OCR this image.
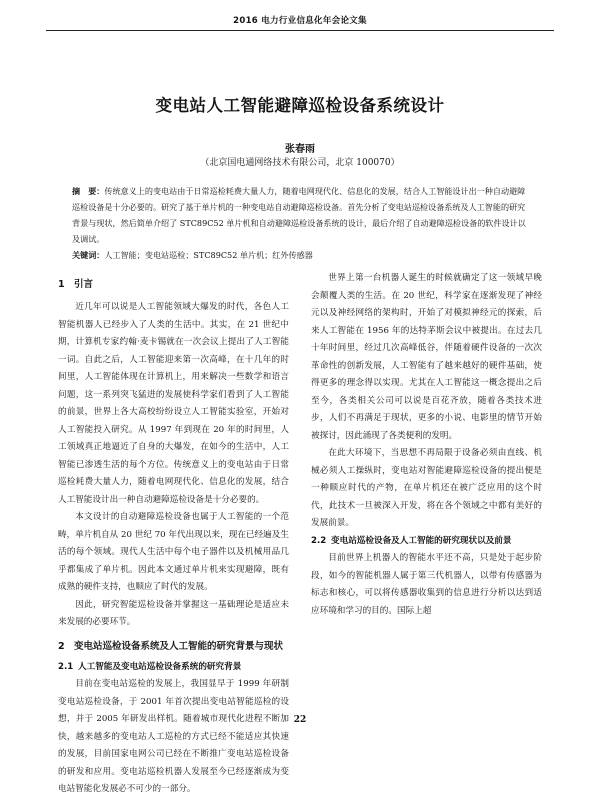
2016 电力行业信息化年会论文集
变电站人工智能避障巡检设备系统设计
张春雨
（北京国电通网络技术有限公司，北京 100070）

摘　要：传统意义上的变电站由于日常巡检耗费大量人力，随着电网现代化、信息化的发展，结合人工智能设计出一种自动避障巡检设备是十分必要的。研究了基于单片机的一种变电站自动避障巡检设备。首先分析了变电站巡检设备系统及人工智能的研究背景与现状，然后简单介绍了 STC89C52 单片机和自动避障巡检设备系统的设计，最后介绍了自动避障巡检设备的软件设计以及调试。

关键词：人工智能；变电站巡检；STC89C52 单片机；红外传感器

1 引言

近几年可以说是人工智能领域大爆发的时代，各色人工智能机器人已经步入了人类的生活中。其实，在 21 世纪中期，计算机专家约翰·麦卡锡就在一次会议上提出了人工智能一词。自此之后，人工智能迎来第一次高峰，在十几年的时间里，人工智能体现在计算机上，用来解决一些数学和语言问题，这一系列突飞猛进的发展使科学家们看到了人工智能的前景，世界上各大高校纷纷设立人工智能实验室，开始对人工智能投入研究。从 1997 年到现在 20 年的时间里，人工领域真正地逼近了自身的大爆发，在如今的生活中，人工智能已渗透生活的每个方位。传统意义上的变电站由于日常巡检耗费大量人力，随着电网现代化、信息化的发展，结合人工智能设计出一种自动避障巡检设备是十分必要的。

本文设计的自动避障巡检设备也属于人工智能的一个范畴，单片机自从 20 世纪 70 年代出现以来，现在已经遍及生活的每个领域。现代人生活中每个电子器件以及机械用品几乎都集成了单片机。因此本文通过单片机来实现避障，既有成熟的硬件支持，也顺应了时代的发展。

因此，研究智能巡检设备并掌握这一基础理论是适应未来发展的必要环节。

2 变电站巡检设备系统及人工智能的研究背景与现状
2.1 人工智能及变电站巡检设备系统的研究背景

目前在变电站巡检的发展上，我国显早于 1999 年研制变电站巡检设备，于 2001 年首次提出变电站智能巡检的设想，并于 2005 年研发出样机。随着城市现代化进程不断加快，越来越多的变电站人工巡检的方式已经不能适应其快速的发展，目前国家电网公司已经在不断推广变电站巡检设备的研发和应用。变电站巡检机器人发展至今已经逐渐成为变电站智能化发展必不可少的一部分。

世界上第一台机器人诞生的时候就确定了这一领域早晚会颠覆人类的生活。在 20 世纪，科学家在逐渐发现了神经元以及神经网络的架构时，开始了对模拟神经元的探索，后来人工智能在 1956 年的达特茅斯会议中被提出。在过去几十年时间里，经过几次高峰低谷，伴随着硬件设备的一次次革命性的创新发展，人工智能有了越来越好的硬件基础，使得更多的理念得以实现。尤其在人工智能这一概念提出之后至今，各类相关公司可以说是百花齐放，随着各类技术进步，人们不再满足于现状，更多的小说、电影里的情节开始被探讨，因此涌现了各类便利的发明。

在此大环境下，当思想不再局限于设备必须由直线、机械必须人工操纵时，变电站对智能避障巡检设备的提出便是一种顺应时代的产物，在单片机还在被广泛应用的这个时代，此技术一旦被深入开发，将在各个领域之中都有美好的发展前景。

2.2 变电站巡检设备及人工智能的研究现状以及前景

目前世界上机器人的智能水平还不高，只是处于起步阶段，如今的智能机器人属于第三代机器人，以带有传感器为标志和核心，可以将传感器收集到的信息进行分析以达到适应环境和学习的目的。国际上超

22
